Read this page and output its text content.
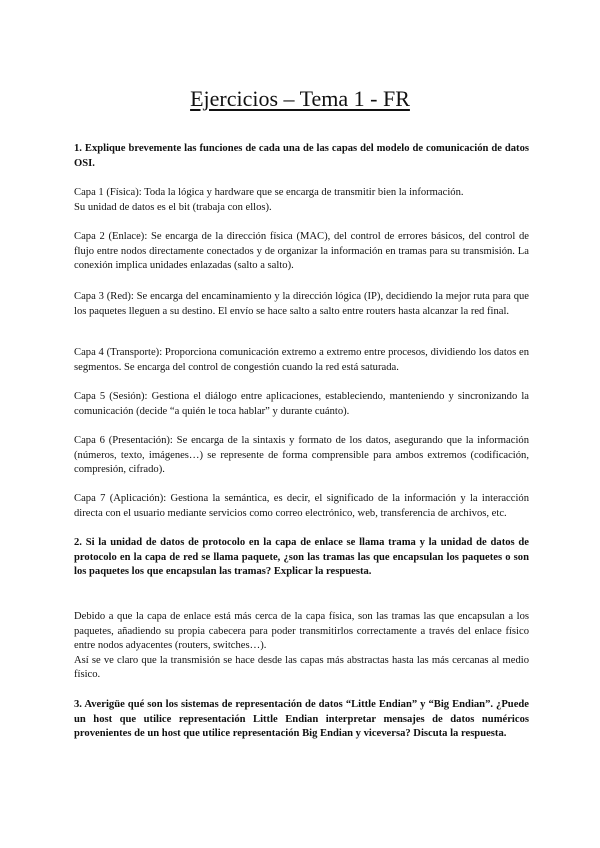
Ejercicios – Tema 1 - FR
1. Explique brevemente las funciones de cada una de las capas del modelo de comunicación de datos OSI.

Capa 1 (Física): Toda la lógica y hardware que se encarga de transmitir bien la información.

Su unidad de datos es el bit (trabaja con ellos).

Capa 2 (Enlace): Se encarga de la dirección física (MAC), del control de errores básicos, del control de flujo entre nodos directamente conectados y de organizar la información en tramas para su transmisión. La conexión implica unidades enlazadas (salto a salto).
Capa 3 (Red): Se encarga del encaminamiento y la dirección lógica (IP), decidiendo la mejor ruta para que los paquetes lleguen a su destino. El envío se hace salto a salto entre routers hasta alcanzar la red final.
Capa 4 (Transporte): Proporciona comunicación extremo a extremo entre procesos, dividiendo los datos en segmentos. Se encarga del control de congestión cuando la red está saturada.
Capa 5 (Sesión): Gestiona el diálogo entre aplicaciones, estableciendo, manteniendo y sincronizando la comunicación (decide “a quién le toca hablar” y durante cuánto).
Capa 6 (Presentación): Se encarga de la sintaxis y formato de los datos, asegurando que la información (números, texto, imágenes…) se represente de forma comprensible para ambos extremos (codificación, compresión, cifrado).
Capa 7 (Aplicación): Gestiona la semántica, es decir, el significado de la información y la interacción directa con el usuario mediante servicios como correo electrónico, web, transferencia de archivos, etc.
2. Si la unidad de datos de protocolo en la capa de enlace se llama trama y la unidad de datos de protocolo en la capa de red se llama paquete, ¿son las tramas las que encapsulan los paquetes o son los paquetes los que encapsulan las tramas? Explicar la respuesta.

Debido a que la capa de enlace está más cerca de la capa física, son las tramas las que encapsulan a los paquetes, añadiendo su propia cabecera para poder transmitirlos correctamente a través del enlace físico entre nodos adyacentes (routers, switches…).

Así se ve claro que la transmisión se hace desde las capas más abstractas hasta las más cercanas al medio físico.

3. Averigüe qué son los sistemas de representación de datos “Little Endian” y “Big Endian”. ¿Puede un host que utilice representación Little Endian interpretar mensajes de datos numéricos provenientes de un host que utilice representación Big Endian y viceversa? Discuta la respuesta.
